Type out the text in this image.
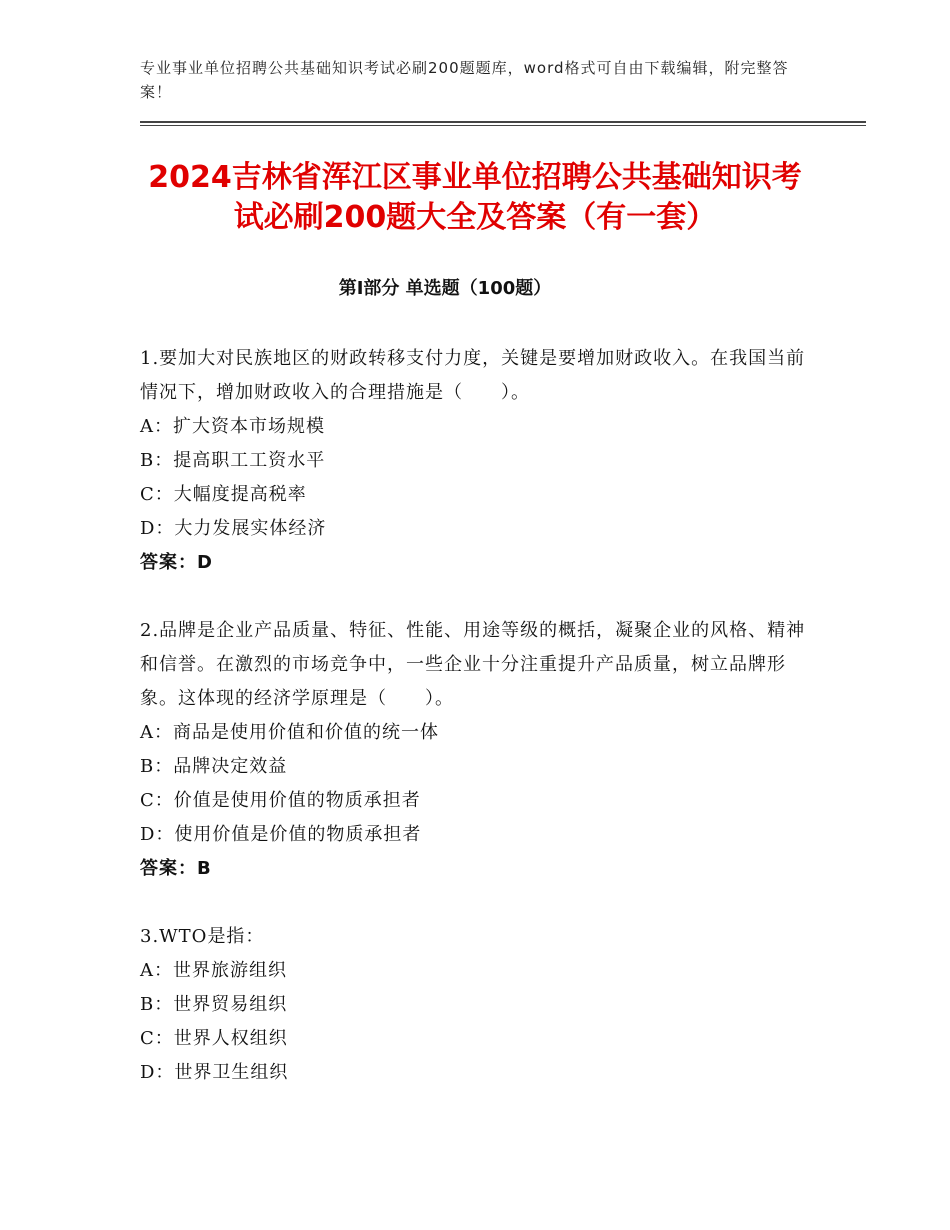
专业事业单位招聘公共基础知识考试必刷200题题库，word格式可自由下载编辑，附完整答案！
2024吉林省浑江区事业单位招聘公共基础知识考试必刷200题大全及答案（有一套）
第Ⅰ部分 单选题（100题）

1.要加大对民族地区的财政转移支付力度，关键是要增加财政收入。在我国当前情况下，增加财政收入的合理措施是（　　）。

A：扩大资本市场规模

B：提高职工工资水平

C：大幅度提高税率

D：大力发展实体经济

答案：D

2.品牌是企业产品质量、特征、性能、用途等级的概括，凝聚企业的风格、精神和信誉。在激烈的市场竞争中，一些企业十分注重提升产品质量，树立品牌形象。这体现的经济学原理是（　　）。

A：商品是使用价值和价值的统一体

B：品牌决定效益

C：价值是使用价值的物质承担者

D：使用价值是价值的物质承担者

答案：B

3.WTO是指：

A：世界旅游组织

B：世界贸易组织

C：世界人权组织

D：世界卫生组织
